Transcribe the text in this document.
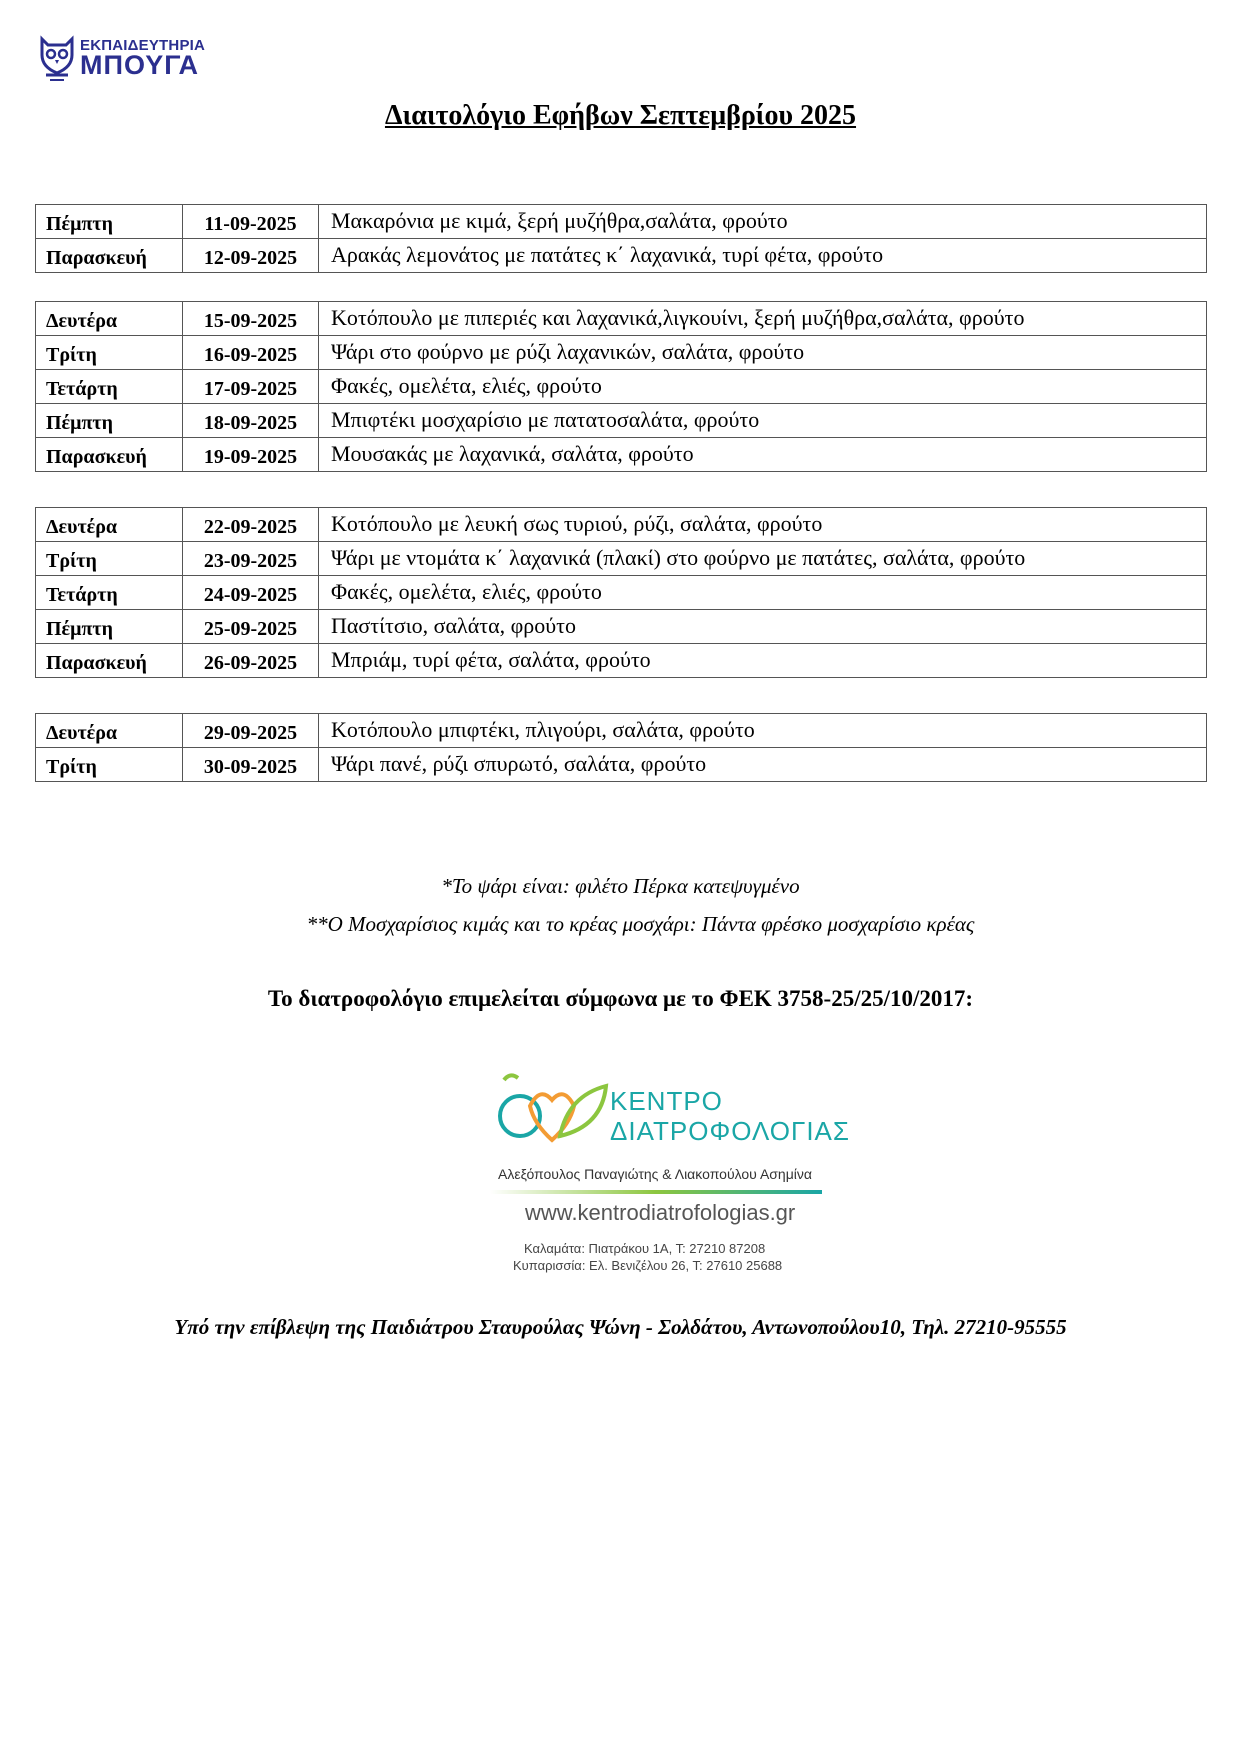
ΕΚΠΑΙΔΕΥΤΗΡΙΑ
ΜΠΟΥΓΑ
Διαιτολόγιο Εφήβων Σεπτεμβρίου 2025
Πέμπτη	11-09-2025	Μακαρόνια με κιμά, ξερή μυζήθρα,σαλάτα, φρούτο
Παρασκευή	12-09-2025	Αρακάς λεμονάτος με πατάτες κ΄ λαχανικά, τυρί φέτα, φρούτο
Δευτέρα	15-09-2025	Κοτόπουλο με πιπεριές και λαχανικά,λιγκουίνι, ξερή μυζήθρα,σαλάτα, φρούτο
Τρίτη	16-09-2025	Ψάρι στο φούρνο με ρύζι λαχανικών, σαλάτα, φρούτο
Τετάρτη	17-09-2025	Φακές, ομελέτα, ελιές, φρούτο
Πέμπτη	18-09-2025	Μπιφτέκι μοσχαρίσιο με πατατοσαλάτα, φρούτο
Παρασκευή	19-09-2025	Μουσακάς με λαχανικά, σαλάτα, φρούτο
Δευτέρα	22-09-2025	Κοτόπουλο με λευκή σως τυριού, ρύζι, σαλάτα, φρούτο
Τρίτη	23-09-2025	Ψάρι με ντομάτα κ΄ λαχανικά (πλακί) στο φούρνο με πατάτες, σαλάτα, φρούτο
Τετάρτη	24-09-2025	Φακές, ομελέτα, ελιές, φρούτο
Πέμπτη	25-09-2025	Παστίτσιο, σαλάτα, φρούτο
Παρασκευή	26-09-2025	Μπριάμ, τυρί φέτα, σαλάτα, φρούτο
Δευτέρα	29-09-2025	Κοτόπουλο μπιφτέκι, πλιγούρι, σαλάτα, φρούτο
Τρίτη	30-09-2025	Ψάρι πανέ, ρύζι σπυρωτό, σαλάτα, φρούτο
*Το ψάρι είναι: φιλέτο Πέρκα κατεψυγμένο
**Ο Μοσχαρίσιος κιμάς και το κρέας μοσχάρι: Πάντα φρέσκο μοσχαρίσιο κρέας
Το διατροφολόγιο επιμελείται σύμφωνα με το ΦΕΚ 3758-25/25/10/2017:
ΚΕΝΤΡΟ
ΔΙΑΤΡΟΦΟΛΟΓΙΑΣ
Αλεξόπουλος Παναγιώτης & Λιακοπούλου Ασημίνα
www.kentrodiatrofologias.gr
Καλαμάτα: Πιατράκου 1Α, Τ: 27210 87208
Κυπαρισσία: Ελ. Βενιζέλου 26, Τ: 27610 25688
Υπό την επίβλεψη της Παιδιάτρου Σταυρούλας Ψώνη - Σολδάτου, Αντωνοπούλου10, Τηλ. 27210-95555
